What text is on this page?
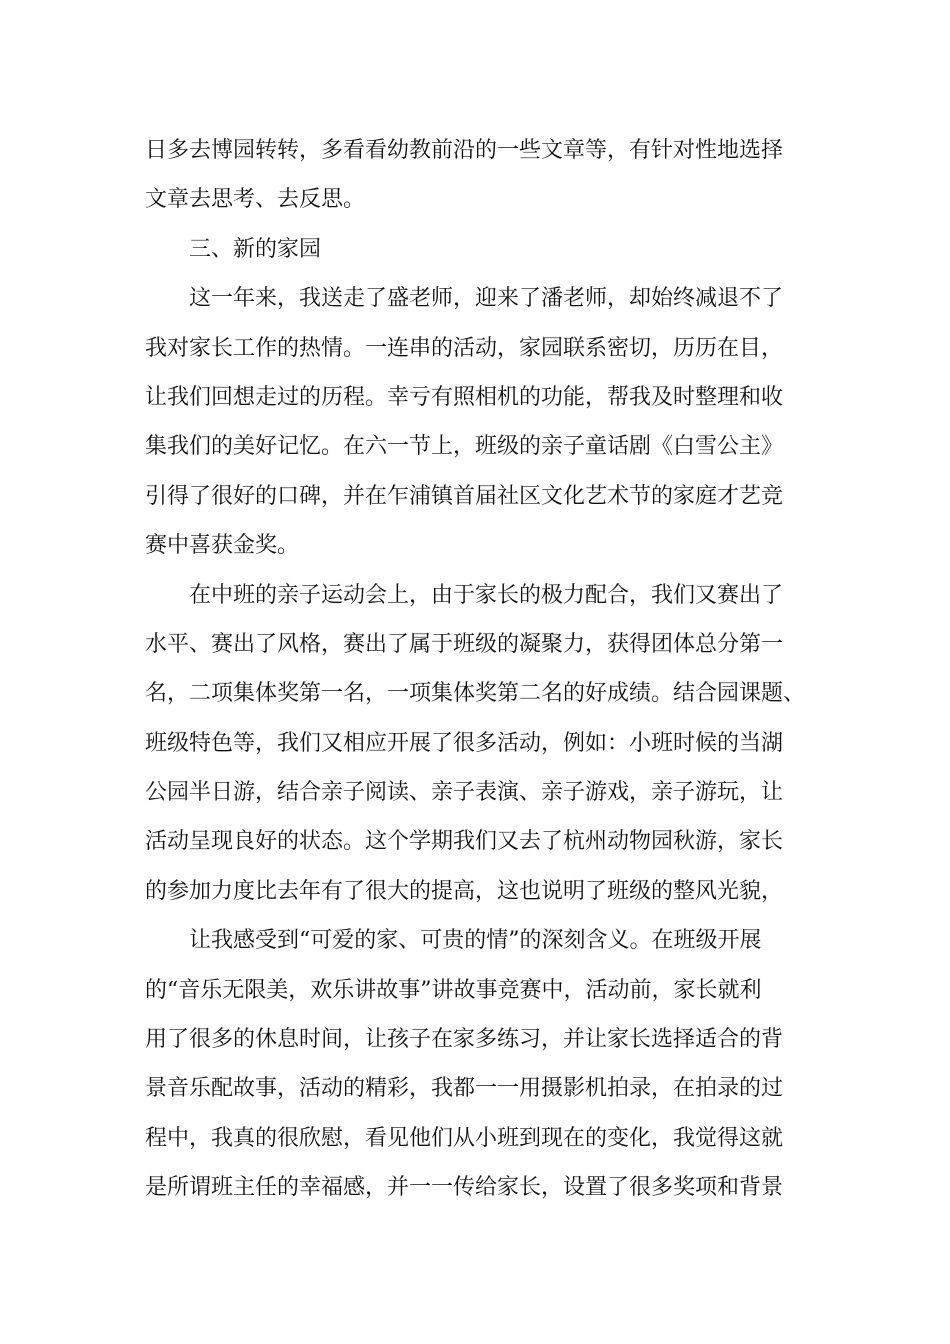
日多去博园转转，多看看幼教前沿的一些文章等，有针对性地选择
文章去思考、去反思。
三、新的家园
这一年来，我送走了盛老师，迎来了潘老师，却始终减退不了
我对家长工作的热情。一连串的活动，家园联系密切，历历在目，
让我们回想走过的历程。幸亏有照相机的功能，帮我及时整理和收
集我们的美好记忆。在六一节上，班级的亲子童话剧《白雪公主》
引得了很好的口碑，并在乍浦镇首届社区文化艺术节的家庭才艺竞
赛中喜获金奖。
在中班的亲子运动会上，由于家长的极力配合，我们又赛出了
水平、赛出了风格，赛出了属于班级的凝聚力，获得团体总分第一
名，二项集体奖第一名，一项集体奖第二名的好成绩。结合园课题、
班级特色等，我们又相应开展了很多活动，例如：小班时候的当湖
公园半日游，结合亲子阅读、亲子表演、亲子游戏，亲子游玩，让
活动呈现良好的状态。这个学期我们又去了杭州动物园秋游，家长
的参加力度比去年有了很大的提高，这也说明了班级的整风光貌，
让我感受到“可爱的家、可贵的情”的深刻含义。在班级开展
的“音乐无限美，欢乐讲故事”讲故事竞赛中，活动前，家长就利
用了很多的休息时间，让孩子在家多练习，并让家长选择适合的背
景音乐配故事，活动的精彩，我都一一用摄影机拍录，在拍录的过
程中，我真的很欣慰，看见他们从小班到现在的变化，我觉得这就
是所谓班主任的幸福感，并一一传给家长，设置了很多奖项和背景
